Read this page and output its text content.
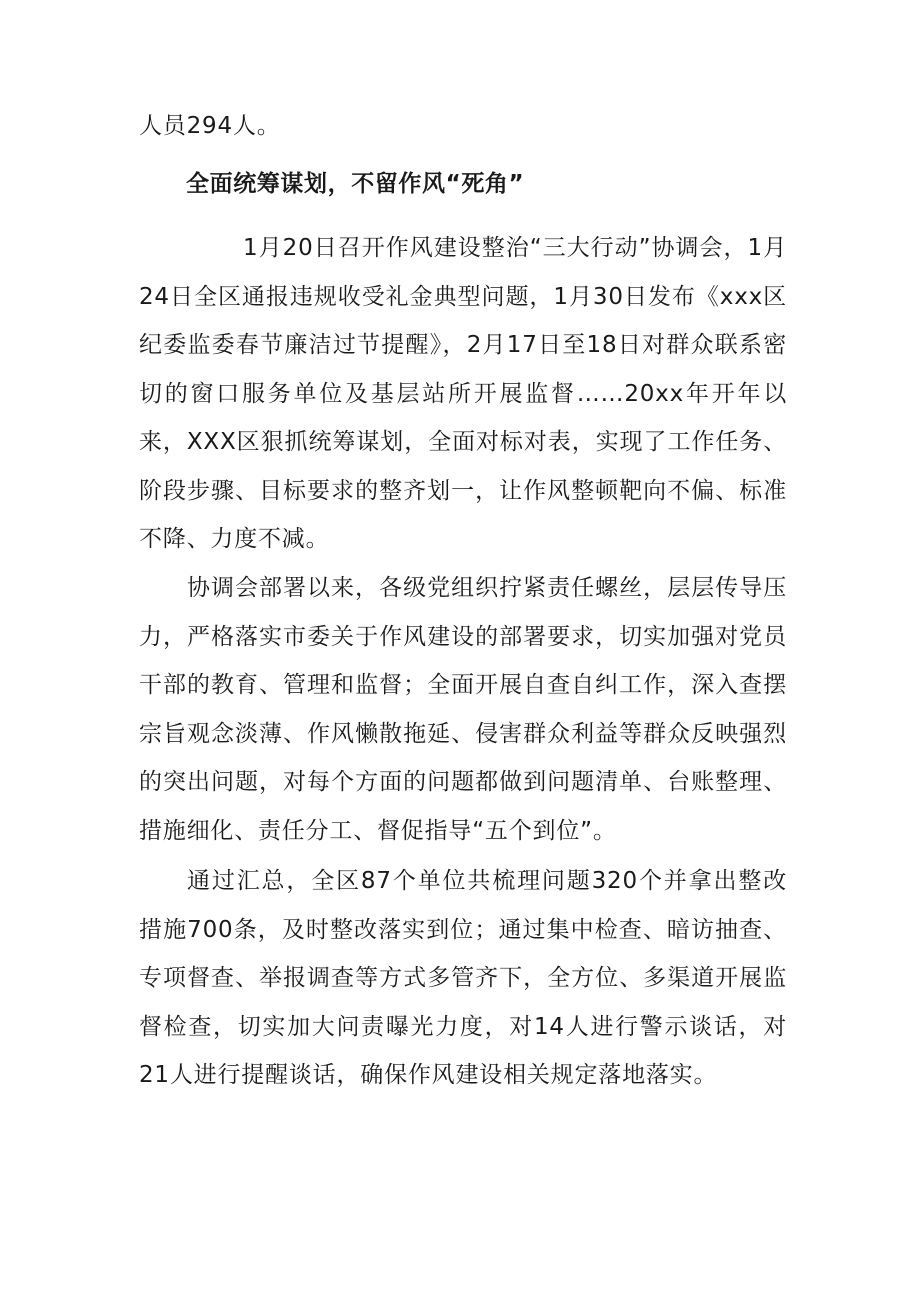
人员294人。
全面统筹谋划，不留作风“死角”
1月20日召开作风建设整治“三大行动”协调会，1月24日全区通报违规收受礼金典型问题，1月30日发布《xxx区纪委监委春节廉洁过节提醒》，2月17日至18日对群众联系密切的窗口服务单位及基层站所开展监督……20xx年开年以来，XXX区狠抓统筹谋划，全面对标对表，实现了工作任务、阶段步骤、目标要求的整齐划一，让作风整顿靶向不偏、标准不降、力度不减。
协调会部署以来，各级党组织拧紧责任螺丝，层层传导压力，严格落实市委关于作风建设的部署要求，切实加强对党员干部的教育、管理和监督；全面开展自查自纠工作，深入查摆宗旨观念淡薄、作风懒散拖延、侵害群众利益等群众反映强烈的突出问题，对每个方面的问题都做到问题清单、台账整理、措施细化、责任分工、督促指导“五个到位”。
通过汇总，全区87个单位共梳理问题320个并拿出整改措施700条，及时整改落实到位；通过集中检查、暗访抽查、专项督查、举报调查等方式多管齐下，全方位、多渠道开展监督检查，切实加大问责曝光力度，对14人进行警示谈话，对21人进行提醒谈话，确保作风建设相关规定落地落实。
